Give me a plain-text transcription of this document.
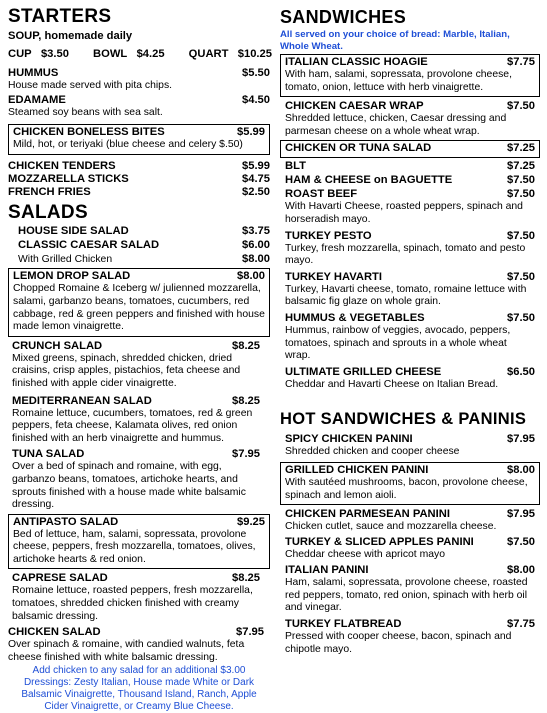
STARTERS
SOUP, homemade daily
CUP $3.50 BOWL $4.25 QUART $10.25
HUMMUS	$5.50
House made served with pita chips.
EDAMAME	$4.50
Steamed soy beans with sea salt.
CHICKEN BONELESS BITES	$5.99
Mild, hot, or teriyaki (blue cheese and celery $.50)
CHICKEN TENDERS	$5.99
MOZZARELLA STICKS	$4.75
FRENCH FRIES	$2.50
SALADS
HOUSE SIDE SALAD	$3.75
CLASSIC CAESAR SALAD	$6.00
With Grilled Chicken	$8.00
LEMON DROP SALAD	$8.00
Chopped Romaine & Iceberg w/ julienned mozzarella, salami, garbanzo beans, tomatoes, cucumbers, red cabbage, red & green peppers and finished with house made lemon vinaigrette.
CRUNCH SALAD	$8.25
Mixed greens, spinach, shredded chicken, dried craisins, crisp apples, pistachios, feta cheese and finished with apple cider vinaigrette.
MEDITERRANEAN SALAD	$8.25
Romaine lettuce, cucumbers, tomatoes, red & green peppers, feta cheese, Kalamata olives, red onion finished with an herb vinaigrette and hummus.
TUNA SALAD	$7.95
Over a bed of spinach and romaine, with egg, garbanzo beans, tomatoes, artichoke hearts, and sprouts finished with a house made white balsamic dressing.
ANTIPASTO SALAD	$9.25
Bed of lettuce, ham, salami, sopressata, provolone cheese, peppers, fresh mozzarella, tomatoes, olives, artichoke hearts & red onion.
CAPRESE SALAD	$8.25
Romaine lettuce, roasted peppers, fresh mozzarella, tomatoes, shredded chicken finished with creamy balsamic dressing.
CHICKEN SALAD	$7.95
Over spinach & romaine, with candied walnuts, feta cheese finished with white balsamic dressing.
Add chicken to any salad for an additional $3.00 Dressings: Zesty Italian, House made White or Dark Balsamic Vinaigrette, Thousand Island, Ranch, Apple Cider Vinaigrette, or Creamy Blue Cheese.
SANDWICHES
All served on your choice of bread: Marble, Italian, Whole Wheat.
ITALIAN CLASSIC HOAGIE	$7.75
With ham, salami, sopressata, provolone cheese, tomato, onion, lettuce with herb vinaigrette.
CHICKEN CAESAR WRAP	$7.50
Shredded lettuce, chicken, Caesar dressing and parmesan cheese on a whole wheat wrap.
CHICKEN OR TUNA SALAD	$7.25
BLT	$7.25
HAM & CHEESE on BAGUETTE	$7.50
ROAST BEEF	$7.50
With Havarti Cheese, roasted peppers, spinach and horseradish mayo.
TURKEY PESTO	$7.50
Turkey, fresh mozzarella, spinach, tomato and pesto mayo.
TURKEY HAVARTI	$7.50
Turkey, Havarti cheese, tomato, romaine lettuce with balsamic fig glaze on whole grain.
HUMMUS & VEGETABLES	$7.50
Hummus, rainbow of veggies, avocado, peppers, tomatoes, spinach and sprouts in a whole wheat wrap.
ULTIMATE GRILLED CHEESE	$6.50
Cheddar and Havarti Cheese on Italian Bread.
HOT SANDWICHES & PANINIS
SPICY CHICKEN PANINI	$7.95
Shredded chicken and cooper cheese
GRILLED CHICKEN PANINI	$8.00
With sautéed mushrooms, bacon, provolone cheese, spinach and lemon aioli.
CHICKEN PARMESEAN PANINI	$7.95
Chicken cutlet, sauce and mozzarella cheese.
TURKEY & SLICED APPLES PANINI	$7.50
Cheddar cheese with apricot mayo
ITALIAN PANINI	$8.00
Ham, salami, sopressata, provolone cheese, roasted red peppers, tomato, red onion, spinach with herb oil and vinegar.
TURKEY FLATBREAD	$7.75
Pressed with cooper cheese, bacon, spinach and chipotle mayo.
